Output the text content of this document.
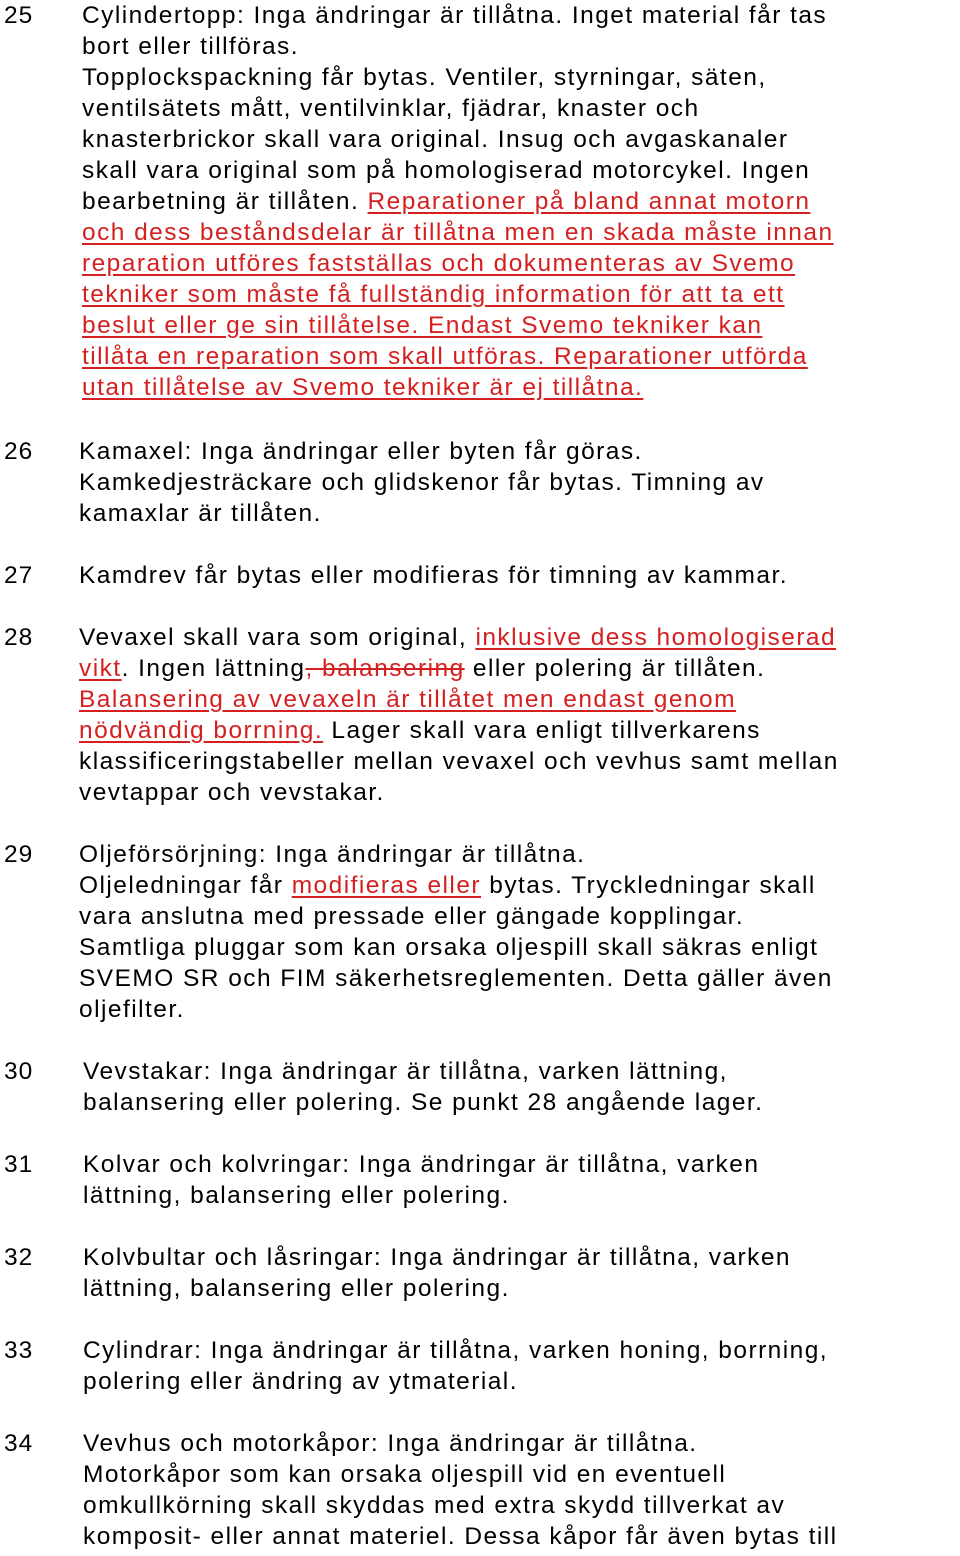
25 Cylindertopp: Inga ändringar är tillåtna. Inget material får tas
bort eller tillföras.
Topplockspackning får bytas. Ventiler, styrningar, säten,
ventilsätets mått, ventilvinklar, fjädrar, knaster och
knasterbrickor skall vara original. Insug och avgaskanaler
skall vara original som på homologiserad motorcykel. Ingen
bearbetning är tillåten. Reparationer på bland annat motorn
och dess beståndsdelar är tillåtna men en skada måste innan
reparation utföres fastställas och dokumenteras av Svemo
tekniker som måste få fullständig information för att ta ett
beslut eller ge sin tillåtelse. Endast Svemo tekniker kan
tillåta en reparation som skall utföras. Reparationer utförda
utan tillåtelse av Svemo tekniker är ej tillåtna.
26 Kamaxel: Inga ändringar eller byten får göras.
Kamkedjesträckare och glidskenor får bytas. Timning av
kamaxlar är tillåten.
27 Kamdrev får bytas eller modifieras för timning av kammar.
28 Vevaxel skall vara som original, inklusive dess homologiserad
vikt. Ingen lättning, balansering eller polering är tillåten.
Balansering av vevaxeln är tillåtet men endast genom
nödvändig borrning. Lager skall vara enligt tillverkarens
klassificeringstabeller mellan vevaxel och vevhus samt mellan
vevtappar och vevstakar.
29 Oljeförsörjning: Inga ändringar är tillåtna.
Oljeledningar får modifieras eller bytas. Tryckledningar skall
vara anslutna med pressade eller gängade kopplingar.
Samtliga pluggar som kan orsaka oljespill skall säkras enligt
SVEMO SR och FIM säkerhetsreglementen. Detta gäller även
oljefilter.
30 Vevstakar: Inga ändringar är tillåtna, varken lättning,
balansering eller polering. Se punkt 28 angående lager.
31 Kolvar och kolvringar: Inga ändringar är tillåtna, varken
lättning, balansering eller polering.
32 Kolvbultar och låsringar: Inga ändringar är tillåtna, varken
lättning, balansering eller polering.
33 Cylindrar: Inga ändringar är tillåtna, varken honing, borrning,
polering eller ändring av ytmaterial.
34 Vevhus och motorkåpor: Inga ändringar är tillåtna.
Motorkåpor som kan orsaka oljespill vid en eventuell
omkullkörning skall skyddas med extra skydd tillverkat av
komposit- eller annat materiel. Dessa kåpor får även bytas till
